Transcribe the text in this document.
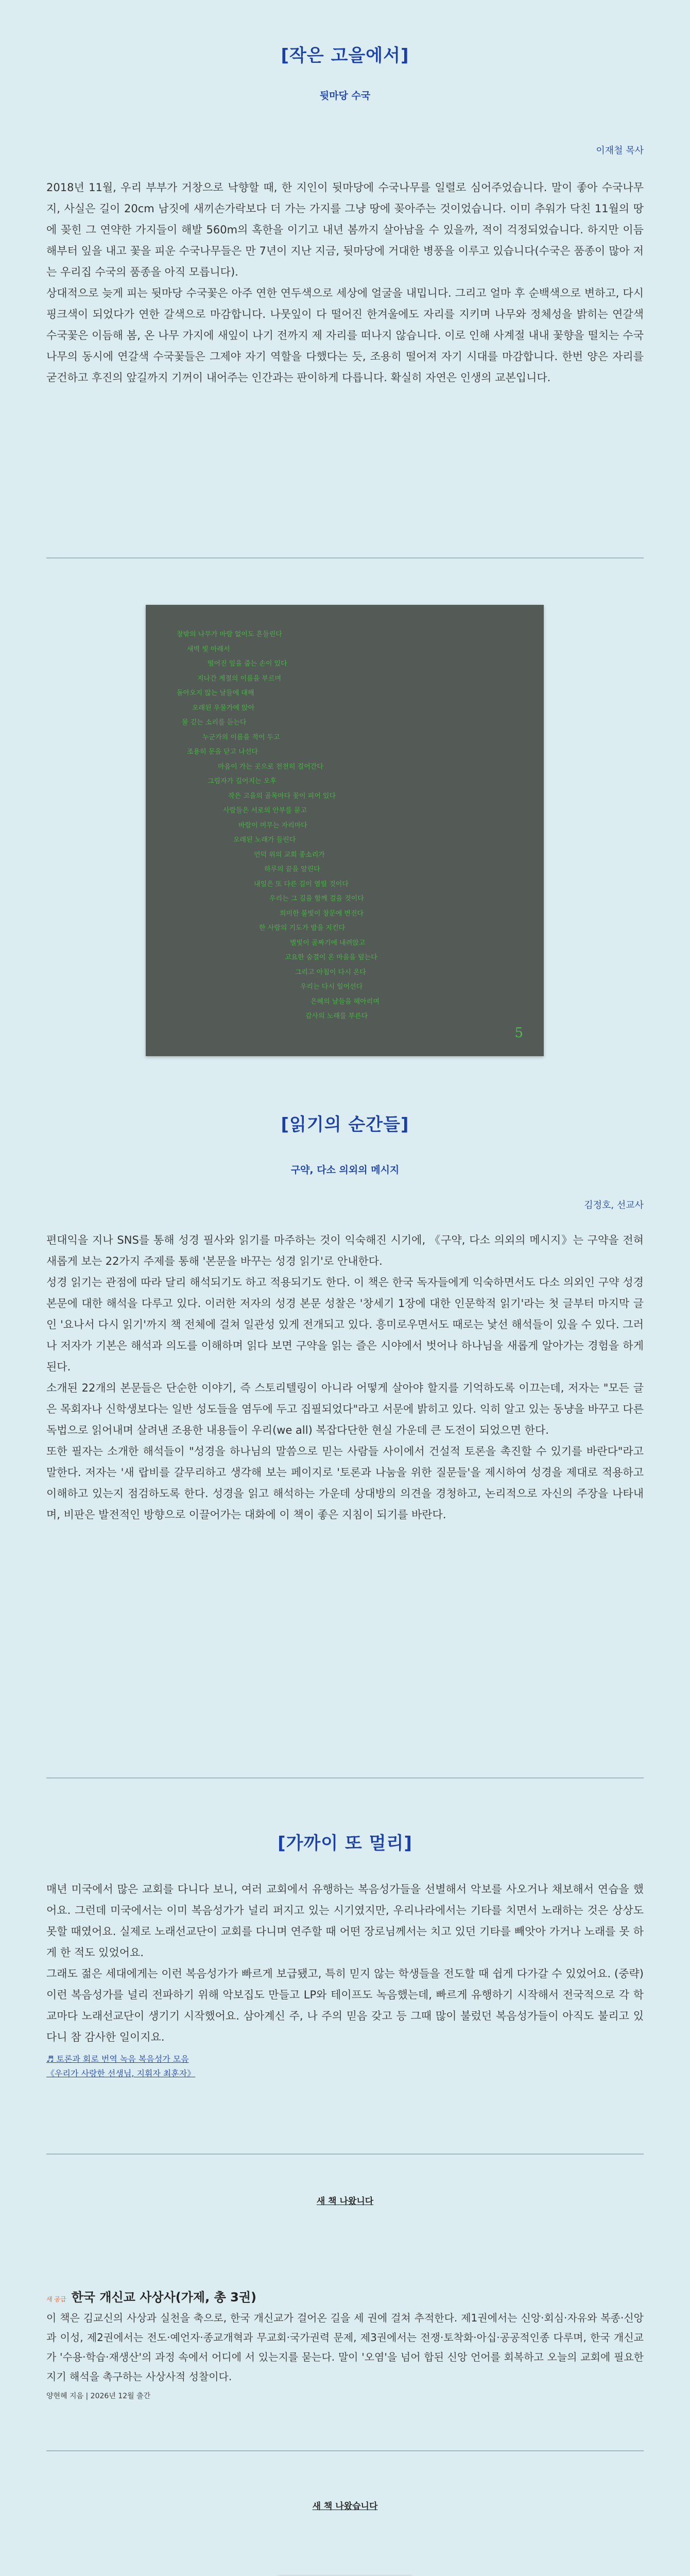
[작은 고을에서]
뒷마당 수국
이재철 목사

2018년 11월, 우리 부부가 거창으로 낙향할 때, 한 지인이 뒷마당에 수국나무를 일렬로 심어주었습니다. 말이 좋아 수국나무지, 사실은 길이 20cm 남짓에 새끼손가락보다 더 가는 가지를 그냥 땅에 꽂아주는 것이었습니다. 이미 추워가 닥친 11월의 땅에 꽂힌 그 연약한 가지들이 해발 560m의 혹한을 이기고 내년 봄까지 살아남을 수 있을까, 적이 걱정되었습니다. 하지만 이듬해부터 잎을 내고 꽃을 피운 수국나무들은 만 7년이 지난 지금, 뒷마당에 거대한 병풍을 이루고 있습니다(수국은 품종이 많아 저는 우리집 수국의 품종을 아직 모릅니다).

상대적으로 늦게 피는 뒷마당 수국꽃은 아주 연한 연두색으로 세상에 얼굴을 내밉니다. 그리고 얼마 후 순백색으로 변하고, 다시 핑크색이 되었다가 연한 갈색으로 마감합니다. 나뭇잎이 다 떨어진 한겨울에도 자리를 지키며 나무와 정체성을 밝히는 연갈색 수국꽃은 이듬해 봄, 온 나무 가지에 새잎이 나기 전까지 제 자리를 떠나지 않습니다. 이로 인해 사계절 내내 꽃향을 떨치는 수국나무의 동시에 연갈색 수국꽃들은 그제야 자기 역할을 다했다는 듯, 조용히 떨어져 자기 시대를 마감합니다. 한번 양은 자리를 굳건하고 후진의 앞길까지 기꺼이 내어주는 인간과는 판이하게 다릅니다. 확실히 자연은 인생의 교본입니다.

창밖의 나무가 바람 없이도 흔들린다
새벽 빛 아래서
떨어진 잎을 줍는 손이 있다
지나간 계절의 이름을 부르며
돌아오지 않는 날들에 대해
오래된 우물가에 앉아
물 긷는 소리를 듣는다
누군가의 이름을 적어 두고
조용히 문을 닫고 나선다
마음이 가는 곳으로 천천히 걸어간다
그림자가 길어지는 오후
작은 고을의 골목마다 꽃이 피어 있다
사람들은 서로의 안부를 묻고
바람이 머무는 자리마다
오래된 노래가 들린다
언덕 위의 교회 종소리가
하루의 끝을 알린다
내일은 또 다른 길이 열릴 것이다
우리는 그 길을 함께 걸을 것이다
희미한 불빛이 창문에 번진다
한 사람의 기도가 밤을 지킨다
별빛이 골짜기에 내려앉고
고요한 숨결이 온 마을을 덮는다
그리고 아침이 다시 온다
우리는 다시 일어선다
은혜의 날들을 헤아리며
감사의 노래를 부른다
5
[읽기의 순간들]
구약, 다소 의외의 메시지
김정호, 선교사

편대익을 지나 SNS를 통해 성경 필사와 읽기를 마주하는 것이 익숙해진 시기에, 《구약, 다소 의외의 메시지》는 구약을 전혀 새롭게 보는 22가지 주제를 통해 '본문을 바꾸는 성경 읽기'로 안내한다.

성경 읽기는 관점에 따라 달리 해석되기도 하고 적용되기도 한다. 이 책은 한국 독자들에게 익숙하면서도 다소 의외인 구약 성경 본문에 대한 해석을 다루고 있다. 이러한 저자의 성경 본문 성찰은 '창세기 1장에 대한 인문학적 읽기'라는 첫 글부터 마지막 글인 '요나서 다시 읽기'까지 책 전체에 걸쳐 일관성 있게 전개되고 있다. 흥미로우면서도 때로는 낯선 해석들이 있을 수 있다. 그러나 저자가 기본은 해석과 의도를 이해하며 읽다 보면 구약을 읽는 즐은 시야에서 벗어나 하나님을 새롭게 알아가는 경험을 하게 된다.

소개된 22개의 본문들은 단순한 이야기, 즉 스토리텔링이 아니라 어떻게 살아야 할지를 기억하도록 이끄는데, 저자는 "모든 글은 목회자나 신학생보다는 일반 성도들을 염두에 두고 집필되었다"라고 서문에 밝히고 있다. 익히 알고 있는 동냥을 바꾸고 다른 독법으로 읽어내며 살려낸 조용한 내용들이 우리(we all) 복잡다단한 현실 가운데 큰 도전이 되었으면 한다.

또한 필자는 소개한 해석들이 "성경을 하나님의 말씀으로 믿는 사람들 사이에서 건설적 토론을 촉진할 수 있기를 바란다"라고 말한다. 저자는 '새 랍비를 갈무리하고 생각해 보는 페이지로 '토론과 나눔을 위한 질문들'을 제시하여 성경을 제대로 적용하고 이해하고 있는지 점검하도록 한다. 성경을 읽고 해석하는 가운데 상대방의 의견을 경청하고, 논리적으로 자신의 주장을 나타내며, 비판은 발전적인 방향으로 이끌어가는 대화에 이 책이 좋은 지침이 되기를 바란다.

[가까이 또 멀리]

매년 미국에서 많은 교회를 다니다 보니, 여러 교회에서 유행하는 복음성가들을 선별해서 악보를 사오거나 채보해서 연습을 했어요. 그런데 미국에서는 이미 복음성가가 널리 퍼지고 있는 시기였지만, 우리나라에서는 기타를 치면서 노래하는 것은 상상도 못할 때였어요. 실제로 노래선교단이 교회를 다니며 연주할 때 어떤 장로님께서는 치고 있던 기타를 빼앗아 가거나 노래를 못 하게 한 적도 있었어요.

그래도 젊은 세대에게는 이런 복음성가가 빠르게 보급됐고, 특히 믿지 않는 학생들을 전도할 때 쉽게 다가갈 수 있었어요. (중략) 이런 복음성가를 널리 전파하기 위해 악보집도 만들고 LP와 테이프도 녹음했는데, 빠르게 유행하기 시작해서 전국적으로 각 학교마다 노래선교단이 생기기 시작했어요. 삼아계신 주, 나 주의 믿음 갖고 등 그때 많이 불렀던 복음성가들이 아직도 불리고 있다니 참 감사한 일이지요.

♬ 토론과 회로 번역 녹음 복음성가 모음
《우리가 사랑한 선생님, 지휘자 최훈자》
새 책 나왔니다
새 공급 한국 개신교 사상사(가제, 총 3권)

이 책은 김교신의 사상과 실천을 축으로, 한국 개신교가 걸어온 길을 세 권에 걸쳐 추적한다. 제1권에서는 신앙·회심·자유와 복종·신앙과 이성, 제2권에서는 전도·예언자·종교개혁과 무교회·국가권력 문제, 제3권에서는 전쟁·토착화·아십·공공적인종 다루며, 한국 개신교가 '수용·학습·재생산'의 과정 속에서 어디에 서 있는지를 묻는다. 말이 '오염'을 넘어 합된 신앙 언어를 회복하고 오늘의 교회에 필요한 지기 해석을 촉구하는 사상사적 성찰이다.

양현혜 지음 | 2026년 12월 출간
새 책 나왔습니다
